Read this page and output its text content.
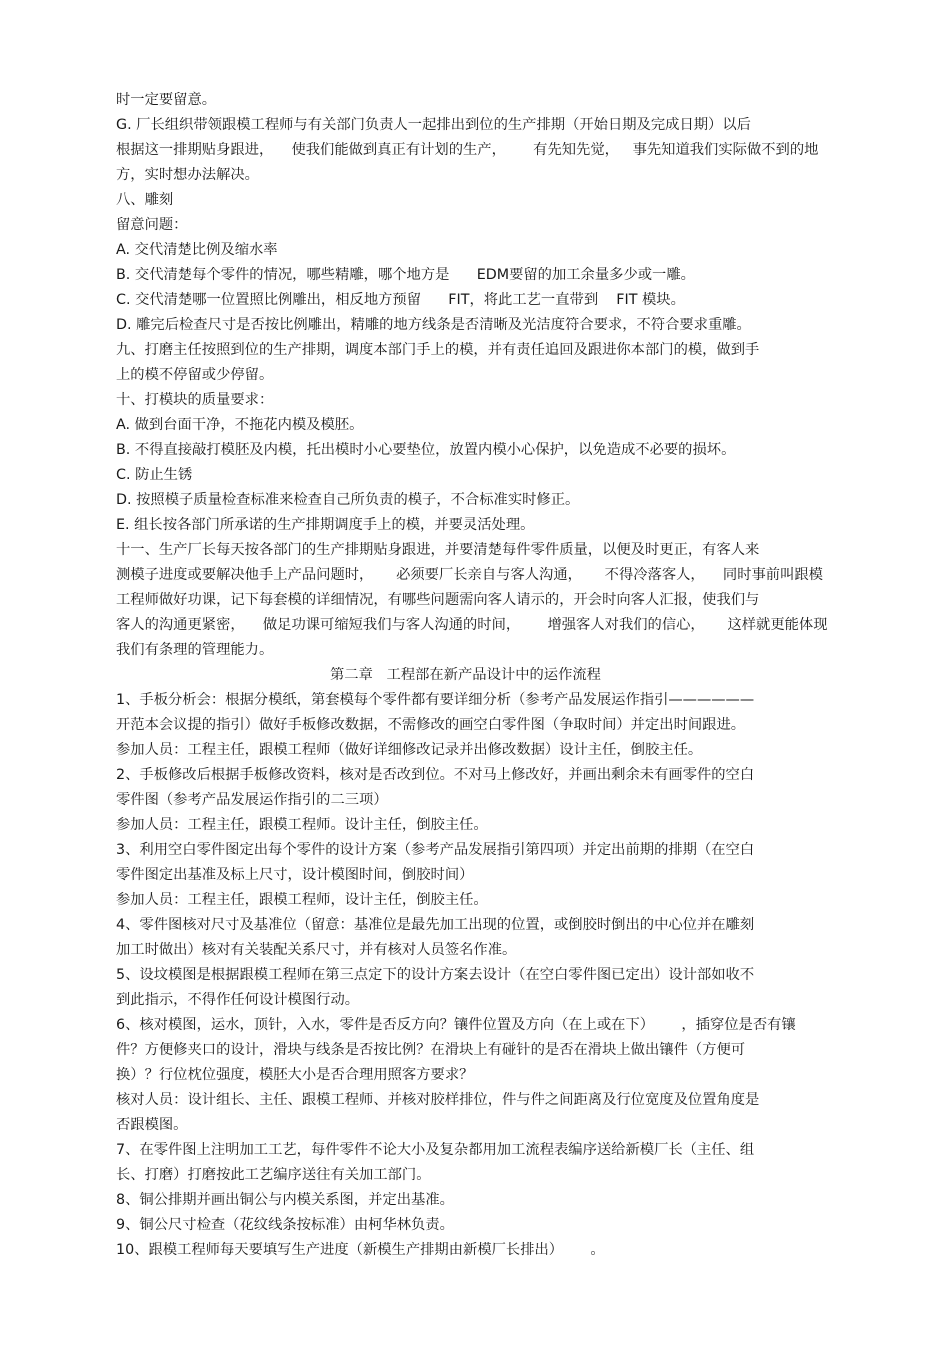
时一定要留意。
G. 厂长组织带领跟模工程师与有关部门负责人一起排出到位的生产排期（开始日期及完成日期）以后
根据这一排期贴身跟进，    使我们能做到真正有计划的生产，      有先知先觉，   事先知道我们实际做不到的地
方，实时想办法解决。
八、雕刻
留意问题：
A. 交代清楚比例及缩水率
B. 交代清楚每个零件的情况，哪些精雕，哪个地方是      EDM要留的加工余量多少或一雕。
C. 交代清楚哪一位置照比例雕出，相反地方预留      FIT，将此工艺一直带到    FIT 模块。
D. 雕完后检查尺寸是否按比例雕出，精雕的地方线条是否清晰及光洁度符合要求，不符合要求重雕。
九、打磨主任按照到位的生产排期，调度本部门手上的模，并有责任追回及跟进你本部门的模，做到手
上的模不停留或少停留。
十、打模块的质量要求：
A. 做到台面干净，不拖花内模及模胚。
B. 不得直接敲打模胚及内模，托出模时小心要垫位，放置内模小心保护，以免造成不必要的损坏。
C. 防止生锈
D. 按照模子质量检查标准来检查自己所负责的模子，不合标准实时修正。
E. 组长按各部门所承诺的生产排期调度手上的模，并要灵活处理。
十一、生产厂长每天按各部门的生产排期贴身跟进，并要清楚每件零件质量，以便及时更正，有客人来
测模子进度或要解决他手上产品问题时，     必须要厂长亲自与客人沟通，     不得冷落客人，    同时事前叫跟模
工程师做好功课，记下每套模的详细情况，有哪些问题需向客人请示的，开会时向客人汇报，使我们与
客人的沟通更紧密，    做足功课可缩短我们与客人沟通的时间，      增强客人对我们的信心，     这样就更能体现
我们有条理的管理能力。
第二章   工程部在新产品设计中的运作流程
1、手板分析会：根据分模纸，第套模每个零件都有要详细分析（参考产品发展运作指引——————
开范本会议提的指引）做好手板修改数据，不需修改的画空白零件图（争取时间）并定出时间跟进。
参加人员：工程主任，跟模工程师（做好详细修改记录并出修改数据）设计主任，倒胶主任。
2、手板修改后根据手板修改资料，核对是否改到位。不对马上修改好，并画出剩余未有画零件的空白
零件图（参考产品发展运作指引的二三项）
参加人员：工程主任，跟模工程师。设计主任，倒胶主任。
3、利用空白零件图定出每个零件的设计方案（参考产品发展指引第四项）并定出前期的排期（在空白
零件图定出基准及标上尺寸，设计模图时间，倒胶时间）
参加人员：工程主任，跟模工程师，设计主任，倒胶主任。
4、零件图核对尺寸及基准位（留意：基准位是最先加工出现的位置，或倒胶时倒出的中心位并在雕刻
加工时做出）核对有关装配关系尺寸，并有核对人员签名作准。
5、设坟模图是根据跟模工程师在第三点定下的设计方案去设计（在空白零件图已定出）设计部如收不
到此指示，不得作任何设计模图行动。
6、核对模图，运水，顶针，入水，零件是否反方向？镶件位置及方向（在上或在下）      ，插穿位是否有镶
件？方便修夹口的设计，滑块与线条是否按比例？在滑块上有碰针的是否在滑块上做出镶件（方便可
换）？行位枕位强度，模胚大小是否合理用照客方要求？
核对人员：设计组长、主任、跟模工程师、并核对胶样排位，件与件之间距离及行位宽度及位置角度是
否跟模图。
7、在零件图上注明加工工艺，每件零件不论大小及复杂都用加工流程表编序送给新模厂长（主任、组
长、打磨）打磨按此工艺编序送往有关加工部门。
8、铜公排期并画出铜公与内模关系图，并定出基准。
9、铜公尺寸检查（花纹线条按标准）由柯华林负责。
10、跟模工程师每天要填写生产进度（新模生产排期由新模厂长排出）      。
